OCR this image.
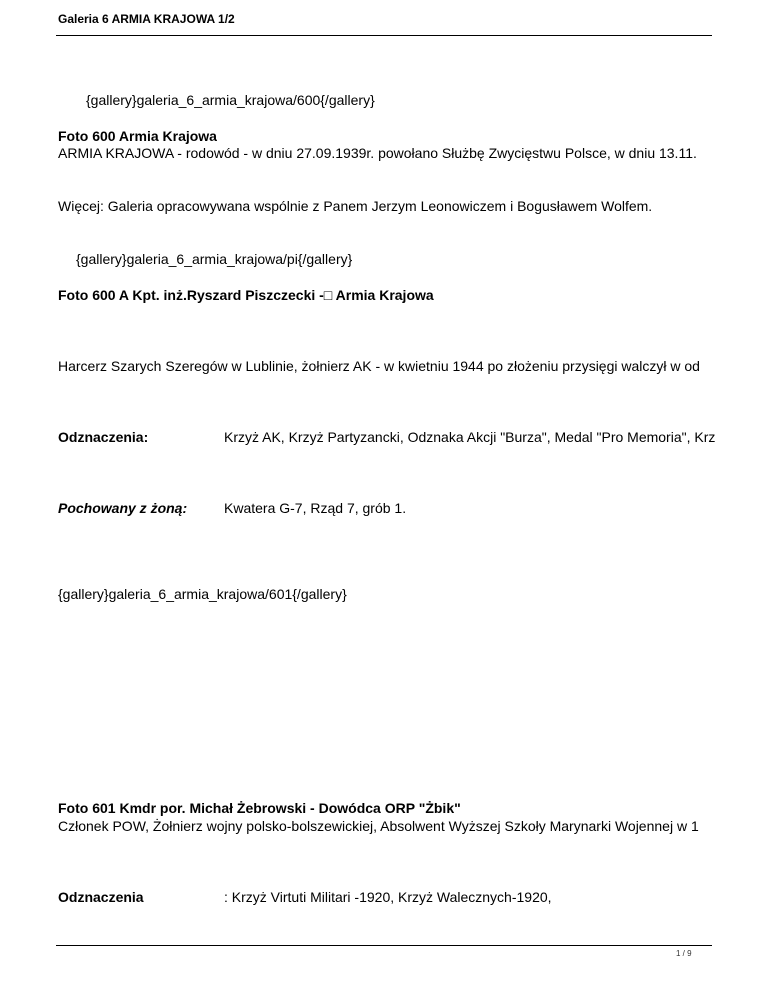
Galeria 6 ARMIA KRAJOWA 1/2
{gallery}galeria_6_armia_krajowa/600{/gallery}
Foto 600 Armia Krajowa
ARMIA KRAJOWA - rodowód - w dniu 27.09.1939r. powołano Służbę Zwycięstwu Polsce, w dniu 13.11.
Więcej: Galeria opracowywana wspólnie z Panem Jerzym Leonowiczem i Bogusławem Wolfem.
{gallery}galeria_6_armia_krajowa/pi{/gallery}
Foto 600 A Kpt. inż.Ryszard Piszczecki -□ Armia Krajowa
Harcerz Szarych Szeregów w Lublinie, żołnierz AK - w kwietniu 1944 po złożeniu przysięgi walczył w od
Odznaczenia:	Krzyż AK, Krzyż Partyzancki, Odznaka Akcji "Burza", Medal "Pro Memoria", Krz
Pochowany z żoną:	Kwatera G-7, Rząd 7, grób 1.
{gallery}galeria_6_armia_krajowa/601{/gallery}
Foto 601 Kmdr por. Michał Żebrowski - Dowódca ORP "Żbik"
Członek POW, Żołnierz wojny polsko-bolszewickiej, Absolwent Wyższej Szkoły Marynarki Wojennej w 1
Odznaczenia	: Krzyż Virtuti Militari -1920, Krzyż Walecznych-1920,
1 / 9
